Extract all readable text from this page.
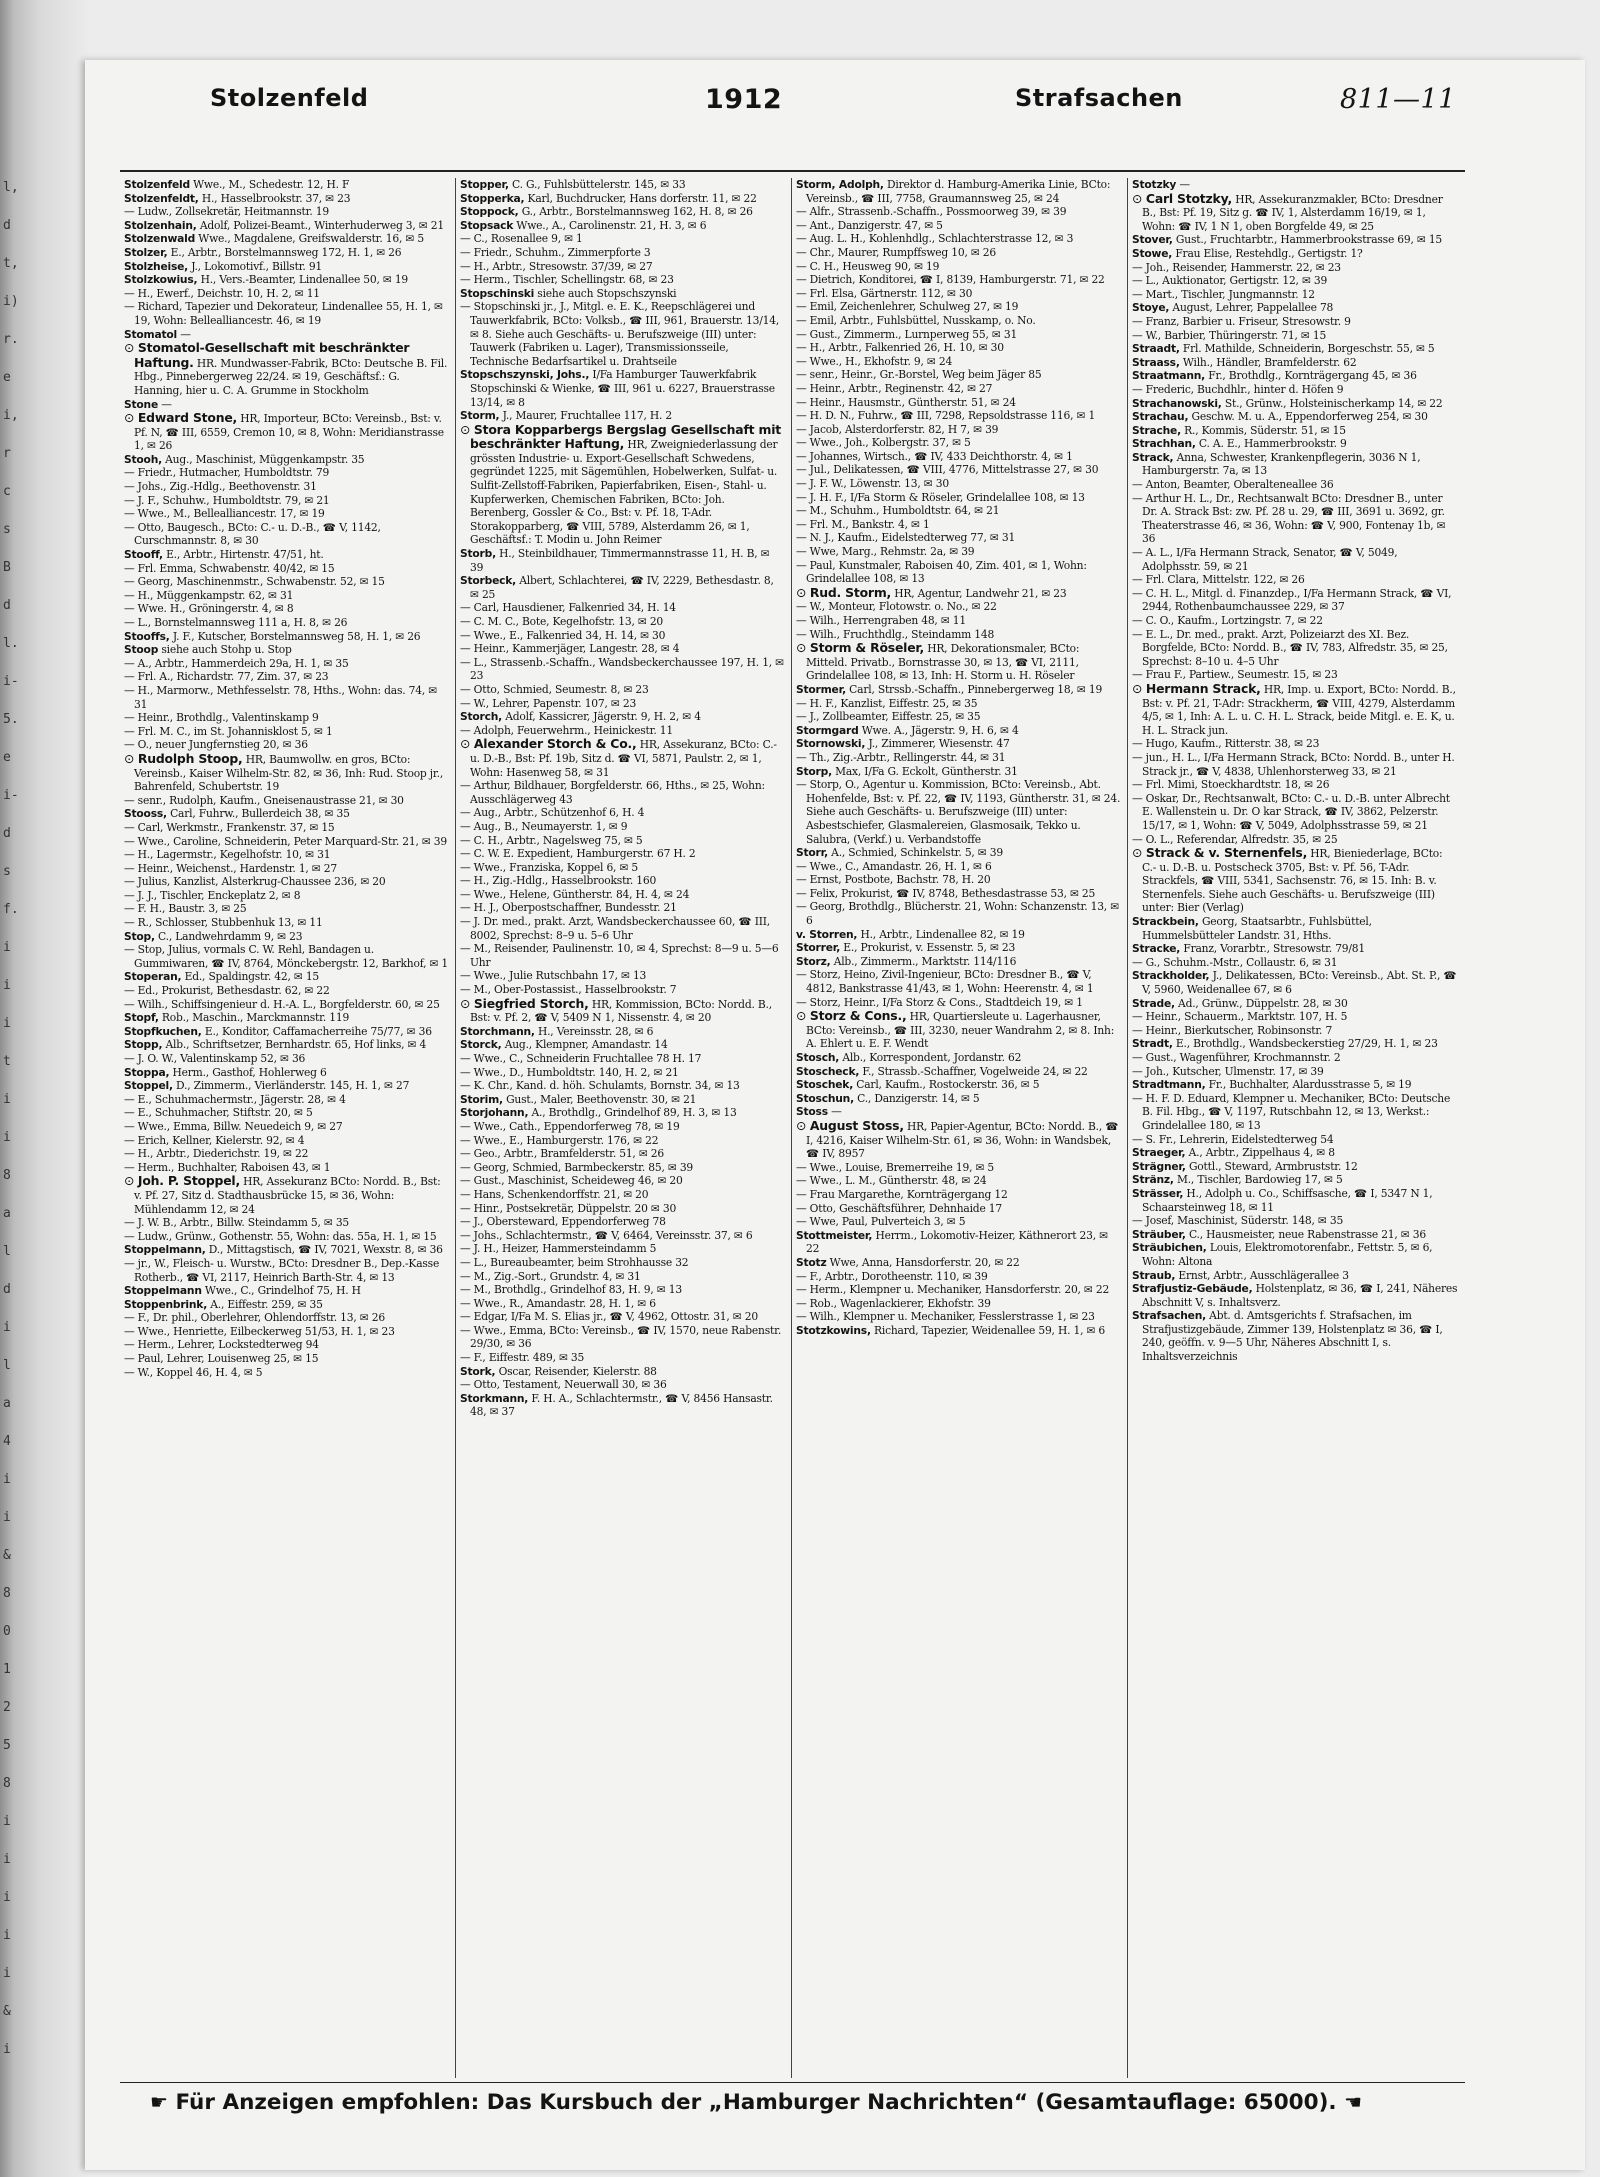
l,
d
t,
i)
r.
e
i,
r
c
s
B
d
l.
i-
5.
e
i-
d
s
f.
i
i
i
t
i
i
8
a
l
d
i
l
a
4
i
i
&
8
0
1
2
5
8
i
i
i
i
i
&
i
Stolzenfeld	1912	Strafsachen	811—11

Stolzenfeld Wwe., M., Schedestr. 12, H. F

Stolzenfeldt, H., Hasselbrookstr. 37, ✉ 23

— Ludw., Zollsekretär, Heitmannstr. 19

Stolzenhain, Adolf, Polizei-Beamt., Winterhuderweg 3, ✉ 21

Stolzenwald Wwe., Magdalene, Greifswalderstr. 16, ✉ 5

Stolzer, E., Arbtr., Borstelmannsweg 172, H. 1, ✉ 26

Stolzheise, J., Lokomotivf., Billstr. 91

Stolzkowius, H., Vers.-Beamter, Lindenallee 50, ✉ 19

— H., Ewerf., Deichstr. 10, H. 2, ✉ 11

— Richard, Tapezier und Dekorateur, Lindenallee 55, H. 1, ✉ 19, Wohn: Bellealliancestr. 46, ✉ 19

Stomatol —

⊙ Stomatol-Gesellschaft mit beschränkter Haftung. HR. Mundwasser-Fabrik, BCto: Deutsche B. Fil. Hbg., Pinnebergerweg 22/24. ✉ 19, Geschäftsf.: G. Hanning, hier u. C. A. Grumme in Stockholm

Stone —

⊙ Edward Stone, HR, Importeur, BCto: Vereinsb., Bst: v. Pf. N, ☎ III, 6559, Cremon 10, ✉ 8, Wohn: Meridianstrasse 1, ✉ 26

Stooh, Aug., Maschinist, Müggenkampstr. 35

— Friedr., Hutmacher, Humboldtstr. 79

— Johs., Zig.-Hdlg., Beethovenstr. 31

— J. F., Schuhw., Humboldtstr. 79, ✉ 21

— Wwe., M., Bellealliancestr. 17, ✉ 19

— Otto, Baugesch., BCto: C.- u. D.-B., ☎ V, 1142, Curschmannstr. 8, ✉ 30

Stooff, E., Arbtr., Hirtenstr. 47/51, ht.

— Frl. Emma, Schwabenstr. 40/42, ✉ 15

— Georg, Maschinenmstr., Schwabenstr. 52, ✉ 15

— H., Müggenkampstr. 62, ✉ 31

— Wwe. H., Gröningerstr. 4, ✉ 8

— L., Bornstelmannsweg 111 a, H. 8, ✉ 26

Stooffs, J. F., Kutscher, Borstelmannsweg 58, H. 1, ✉ 26

Stoop siehe auch Stohp u. Stop

— A., Arbtr., Hammerdeich 29a, H. 1, ✉ 35

— Frl. A., Richardstr. 77, Zim. 37, ✉ 23

— H., Marmorw., Methfesselstr. 78, Hths., Wohn: das. 74, ✉ 31

— Heinr., Brothdlg., Valentinskamp 9

— Frl. M. C., im St. Johannisklost 5, ✉ 1

— O., neuer Jungfernstieg 20, ✉ 36

⊙ Rudolph Stoop, HR, Baumwollw. en gros, BCto: Vereinsb., Kaiser Wilhelm-Str. 82, ✉ 36, Inh: Rud. Stoop jr., Bahrenfeld, Schubertstr. 19

— senr., Rudolph, Kaufm., Gneisenaustrasse 21, ✉ 30

Stooss, Carl, Fuhrw., Bullerdeich 38, ✉ 35

— Carl, Werkmstr., Frankenstr. 37, ✉ 15

— Wwe., Caroline, Schneiderin, Peter Marquard-Str. 21, ✉ 39

— H., Lagermstr., Kegelhofstr. 10, ✉ 31

— Heinr., Weichenst., Hardenstr. 1, ✉ 27

— Julius, Kanzlist, Alsterkrug-Chaussee 236, ✉ 20

— J. J., Tischler, Enckeplatz 2, ✉ 8

— F. H., Baustr. 3, ✉ 25

— R., Schlosser, Stubbenhuk 13, ✉ 11

Stop, C., Landwehrdamm 9, ✉ 23

— Stop, Julius, vormals C. W. Rehl, Bandagen u. Gummiwaren, ☎ IV, 8764, Mönckebergstr. 12, Barkhof, ✉ 1

Stoperan, Ed., Spaldingstr. 42, ✉ 15

— Ed., Prokurist, Bethesdastr. 62, ✉ 22

— Wilh., Schiffsingenieur d. H.-A. L., Borgfelderstr. 60, ✉ 25

Stopf, Rob., Maschin., Marckmannstr. 119

Stopfkuchen, E., Konditor, Caffamacherreihe 75/77, ✉ 36

Stopp, Alb., Schriftsetzer, Bernhardstr. 65, Hof links, ✉ 4

— J. O. W., Valentinskamp 52, ✉ 36

Stoppa, Herm., Gasthof, Hohlerweg 6

Stoppel, D., Zimmerm., Vierländerstr. 145, H. 1, ✉ 27

— E., Schuhmachermstr., Jägerstr. 28, ✉ 4

— E., Schuhmacher, Stiftstr. 20, ✉ 5

— Wwe., Emma, Billw. Neuedeich 9, ✉ 27

— Erich, Kellner, Kielerstr. 92, ✉ 4

— H., Arbtr., Diederichstr. 19, ✉ 22

— Herm., Buchhalter, Raboisen 43, ✉ 1

⊙ Joh. P. Stoppel, HR, Assekuranz BCto: Nordd. B., Bst: v. Pf. 27, Sitz d. Stadthausbrücke 15, ✉ 36, Wohn: Mühlendamm 12, ✉ 24

— J. W. B., Arbtr., Billw. Steindamm 5, ✉ 35

— Ludw., Grünw., Gothenstr. 55, Wohn: das. 55a, H. 1, ✉ 15

Stoppelmann, D., Mittagstisch, ☎ IV, 7021, Wexstr. 8, ✉ 36

— jr., W., Fleisch- u. Wurstw., BCto: Dresdner B., Dep.-Kasse Rotherb., ☎ VI, 2117, Heinrich Barth-Str. 4, ✉ 13

Stoppelmann Wwe., C., Grindelhof 75, H. H

Stoppenbrink, A., Eiffestr. 259, ✉ 35

— F., Dr. phil., Oberlehrer, Ohlendorffstr. 13, ✉ 26

— Wwe., Henriette, Eilbeckerweg 51/53, H. 1, ✉ 23

— Herm., Lehrer, Lockstedterweg 94

— Paul, Lehrer, Louisenweg 25, ✉ 15

— W., Koppel 46, H. 4, ✉ 5

Stopper, C. G., Fuhlsbüttelerstr. 145, ✉ 33

Stopperka, Karl, Buchdrucker, Hans dorferstr. 11, ✉ 22

Stoppock, G., Arbtr., Borstelmannsweg 162, H. 8, ✉ 26

Stopsack Wwe., A., Carolinenstr. 21, H. 3, ✉ 6

— C., Rosenallee 9, ✉ 1

— Friedr., Schuhm., Zimmerpforte 3

— H., Arbtr., Stresowstr. 37/39, ✉ 27

— Herm., Tischler, Schellingstr. 68, ✉ 23

Stopschinski siehe auch Stopschszynski

— Stopschinski jr., J., Mitgl. e. E. K., Reepschlägerei und Tauwerkfabrik, BCto: Volksb., ☎ III, 961, Brauerstr. 13/14, ✉ 8. Siehe auch Geschäfts- u. Berufszweige (III) unter: Tauwerk (Fabriken u. Lager), Transmissionsseile, Technische Bedarfsartikel u. Drahtseile

Stopschszynski, Johs., I/Fa Hamburger Tauwerkfabrik Stopschinski & Wienke, ☎ III, 961 u. 6227, Brauerstrasse 13/14, ✉ 8

Storm, J., Maurer, Fruchtallee 117, H. 2

⊙ Stora Kopparbergs Bergslag Gesellschaft mit beschränkter Haftung, HR, Zweigniederlassung der grössten Industrie- u. Export-Gesellschaft Schwedens, gegründet 1225, mit Sägemühlen, Hobelwerken, Sulfat- u. Sulfit-Zellstoff-Fabriken, Papierfabriken, Eisen-, Stahl- u. Kupferwerken, Chemischen Fabriken, BCto: Joh. Berenberg, Gossler & Co., Bst: v. Pf. 18, T-Adr. Storakopparberg, ☎ VIII, 5789, Alsterdamm 26, ✉ 1, Geschäftsf.: T. Modin u. John Reimer

Storb, H., Steinbildhauer, Timmermannstrasse 11, H. B, ✉ 39

Storbeck, Albert, Schlachterei, ☎ IV, 2229, Bethesdastr. 8, ✉ 25

— Carl, Hausdiener, Falkenried 34, H. 14

— C. M. C., Bote, Kegelhofstr. 13, ✉ 20

— Wwe., E., Falkenried 34, H. 14, ✉ 30

— Heinr., Kammerjäger, Langestr. 28, ✉ 4

— L., Strassenb.-Schaffn., Wandsbeckerchaussee 197, H. 1, ✉ 23

— Otto, Schmied, Seumestr. 8, ✉ 23

— W., Lehrer, Papenstr. 107, ✉ 23

Storch, Adolf, Kassicrer, Jägerstr. 9, H. 2, ✉ 4

— Adolph, Feuerwehrm., Heinickestr. 11

⊙ Alexander Storch & Co., HR, Assekuranz, BCto: C.- u. D.-B., Bst: Pf. 19b, Sitz d. ☎ VI, 5871, Paulstr. 2, ✉ 1, Wohn: Hasenweg 58, ✉ 31

— Arthur, Bildhauer, Borgfelderstr. 66, Hths., ✉ 25, Wohn: Ausschlägerweg 43

— Aug., Arbtr., Schützenhof 6, H. 4

— Aug., B., Neumayerstr. 1, ✉ 9

— C. H., Arbtr., Nagelsweg 75, ✉ 5

— C. W. E. Expedient, Hamburgerstr. 67 H. 2

— Wwe., Franziska, Koppel 6, ✉ 5

— H., Zig.-Hdlg., Hasselbrookstr. 160

— Wwe., Helene, Güntherstr. 84, H. 4, ✉ 24

— H. J., Oberpostschaffner, Bundesstr. 21

— J. Dr. med., prakt. Arzt, Wandsbeckerchaussee 60, ☎ III, 8002, Sprechst: 8–9 u. 5–6 Uhr

— M., Reisender, Paulinenstr. 10, ✉ 4, Sprechst: 8—9 u. 5—6 Uhr

— Wwe., Julie Rutschbahn 17, ✉ 13

— M., Ober-Postassist., Hasselbrookstr. 7

⊙ Siegfried Storch, HR, Kommission, BCto: Nordd. B., Bst: v. Pf. 2, ☎ V, 5409 N 1, Nissenstr. 4, ✉ 20

Storchmann, H., Vereinsstr. 28, ✉ 6

Storck, Aug., Klempner, Amandastr. 14

— Wwe., C., Schneiderin Fruchtallee 78 H. 17

— Wwe., D., Humboldtstr. 140, H. 2, ✉ 21

— K. Chr., Kand. d. höh. Schulamts, Bornstr. 34, ✉ 13

Storim, Gust., Maler, Beethovenstr. 30, ✉ 21

Storjohann, A., Brothdlg., Grindelhof 89, H. 3, ✉ 13

— Wwe., Cath., Eppendorferweg 78, ✉ 19

— Wwe., E., Hamburgerstr. 176, ✉ 22

— Geo., Arbtr., Bramfelderstr. 51, ✉ 26

— Georg, Schmied, Barmbeckerstr. 85, ✉ 39

— Gust., Maschinist, Scheideweg 46, ✉ 20

— Hans, Schenkendorffstr. 21, ✉ 20

— Hinr., Postsekretär, Düppelstr. 20 ✉ 30

— J., Obersteward, Eppendorferweg 78

— Johs., Schlachtermstr., ☎ V, 6464, Vereinsstr. 37, ✉ 6

— J. H., Heizer, Hammersteindamm 5

— L., Bureaubeamter, beim Strohhausse 32

— M., Zig.-Sort., Grundstr. 4, ✉ 31

— M., Brothdlg., Grindelhof 83, H. 9, ✉ 13

— Wwe., R., Amandastr. 28, H. 1, ✉ 6

— Edgar, I/Fa M. S. Elias jr., ☎ V, 4962, Ottostr. 31, ✉ 20

— Wwe., Emma, BCto: Vereinsb., ☎ IV, 1570, neue Rabenstr. 29/30, ✉ 36

— F., Eiffestr. 489, ✉ 35

Stork, Oscar, Reisender, Kielerstr. 88

— Otto, Testament, Neuerwall 30, ✉ 36

Storkmann, F. H. A., Schlachtermstr., ☎ V, 8456 Hansastr. 48, ✉ 37

Storm, Adolph, Direktor d. Hamburg-Amerika Linie, BCto: Vereinsb., ☎ III, 7758, Graumannsweg 25, ✉ 24

— Alfr., Strassenb.-Schaffn., Possmoorweg 39, ✉ 39

— Ant., Danzigerstr. 47, ✉ 5

— Aug. L. H., Kohlenhdlg., Schlachterstrasse 12, ✉ 3

— Chr., Maurer, Rumpffsweg 10, ✉ 26

— C. H., Heusweg 90, ✉ 19

— Dietrich, Konditorei, ☎ I, 8139, Hamburgerstr. 71, ✉ 22

— Frl. Elsa, Gärtnerstr. 112, ✉ 30

— Emil, Zeichenlehrer, Schulweg 27, ✉ 19

— Emil, Arbtr., Fuhlsbüttel, Nusskamp, o. No.

— Gust., Zimmerm., Lurnperweg 55, ✉ 31

— H., Arbtr., Falkenried 26, H. 10, ✉ 30

— Wwe., H., Ekhofstr. 9, ✉ 24

— senr., Heinr., Gr.-Borstel, Weg beim Jäger 85

— Heinr., Arbtr., Reginenstr. 42, ✉ 27

— Heinr., Hausmstr., Güntherstr. 51, ✉ 24

— H. D. N., Fuhrw., ☎ III, 7298, Repsoldstrasse 116, ✉ 1

— Jacob, Alsterdorferstr. 82, H 7, ✉ 39

— Wwe., Joh., Kolbergstr. 37, ✉ 5

— Johannes, Wirtsch., ☎ IV, 433 Deichthorstr. 4, ✉ 1

— Jul., Delikatessen, ☎ VIII, 4776, Mittelstrasse 27, ✉ 30

— J. F. W., Löwenstr. 13, ✉ 30

— J. H. F., I/Fa Storm & Röseler, Grindelallee 108, ✉ 13

— M., Schuhm., Humboldtstr. 64, ✉ 21

— Frl. M., Bankstr. 4, ✉ 1

— N. J., Kaufm., Eidelstedterweg 77, ✉ 31

— Wwe, Marg., Rehmstr. 2a, ✉ 39

— Paul, Kunstmaler, Raboisen 40, Zim. 401, ✉ 1, Wohn: Grindelallee 108, ✉ 13

⊙ Rud. Storm, HR, Agentur, Landwehr 21, ✉ 23

— W., Monteur, Flotowstr. o. No., ✉ 22

— Wilh., Herrengraben 48, ✉ 11

— Wilh., Fruchthdlg., Steindamm 148

⊙ Storm & Röseler, HR, Dekorationsmaler, BCto: Mitteld. Privatb., Bornstrasse 30, ✉ 13, ☎ VI, 2111, Grindelallee 108, ✉ 13, Inh: H. Storm u. H. Röseler

Stormer, Carl, Strssb.-Schaffn., Pinnebergerweg 18, ✉ 19

— H. F., Kanzlist, Eiffestr. 25, ✉ 35

— J., Zollbeamter, Eiffestr. 25, ✉ 35

Stormgard Wwe. A., Jägerstr. 9, H. 6, ✉ 4

Stornowski, J., Zimmerer, Wiesenstr. 47

— Th., Zig.-Arbtr., Rellingerstr. 44, ✉ 31

Storp, Max, I/Fa G. Eckolt, Güntherstr. 31

— Storp, O., Agentur u. Kommission, BCto: Vereinsb., Abt. Hohenfelde, Bst: v. Pf. 22, ☎ IV, 1193, Güntherstr. 31, ✉ 24. Siehe auch Geschäfts- u. Berufszweige (III) unter: Asbestschiefer, Glasmalereien, Glasmosaik, Tekko u. Salubra, (Verkf.) u. Verbandstoffe

Storr, A., Schmied, Schinkelstr. 5, ✉ 39

— Wwe., C., Amandastr. 26, H. 1, ✉ 6

— Ernst, Postbote, Bachstr. 78, H. 20

— Felix, Prokurist, ☎ IV, 8748, Bethesdastrasse 53, ✉ 25

— Georg, Brothdlg., Blücherstr. 21, Wohn: Schanzenstr. 13, ✉ 6

v. Storren, H., Arbtr., Lindenallee 82, ✉ 19

Storrer, E., Prokurist, v. Essenstr. 5, ✉ 23

Storz, Alb., Zimmerm., Marktstr. 114/116

— Storz, Heino, Zivil-Ingenieur, BCto: Dresdner B., ☎ V, 4812, Bankstrasse 41/43, ✉ 1, Wohn: Heerenstr. 4, ✉ 1

— Storz, Heinr., I/Fa Storz & Cons., Stadtdeich 19, ✉ 1

⊙ Storz & Cons., HR, Quartiersleute u. Lagerhausner, BCto: Vereinsb., ☎ III, 3230, neuer Wandrahm 2, ✉ 8. Inh: A. Ehlert u. E. F. Wendt

Stosch, Alb., Korrespondent, Jordanstr. 62

Stoscheck, F., Strassb.-Schaffner, Vogelweide 24, ✉ 22

Stoschek, Carl, Kaufm., Rostockerstr. 36, ✉ 5

Stoschun, C., Danzigerstr. 14, ✉ 5

Stoss —

⊙ August Stoss, HR, Papier-Agentur, BCto: Nordd. B., ☎ I, 4216, Kaiser Wilhelm-Str. 61, ✉ 36, Wohn: in Wandsbek, ☎ IV, 8957

— Wwe., Louise, Bremerreihe 19, ✉ 5

— Wwe., L. M., Güntherstr. 48, ✉ 24

— Frau Margarethe, Kornträgergang 12

— Otto, Geschäftsführer, Dehnhaide 17

— Wwe, Paul, Pulverteich 3, ✉ 5

Stottmeister, Herrm., Lokomotiv-Heizer, Käthnerort 23, ✉ 22

Stotz Wwe, Anna, Hansdorferstr. 20, ✉ 22

— F., Arbtr., Dorotheenstr. 110, ✉ 39

— Herm., Klempner u. Mechaniker, Hansdorferstr. 20, ✉ 22

— Rob., Wagenlackierer, Ekhofstr. 39

— Wilh., Klempner u. Mechaniker, Fesslerstrasse 1, ✉ 23

Stotzkowins, Richard, Tapezier, Weidenallee 59, H. 1, ✉ 6

Stotzky —

⊙ Carl Stotzky, HR, Assekuranzmakler, BCto: Dresdner B., Bst: Pf. 19, Sitz g. ☎ IV, 1, Alsterdamm 16/19, ✉ 1, Wohn: ☎ IV, 1 N 1, oben Borgfelde 49, ✉ 25

Stover, Gust., Fruchtarbtr., Hammerbrookstrasse 69, ✉ 15

Stowe, Frau Elise, Restehdlg., Gertigstr. 1?

— Joh., Reisender, Hammerstr. 22, ✉ 23

— L., Auktionator, Gertigstr. 12, ✉ 39

— Mart., Tischler, Jungmannstr. 12

Stoye, August, Lehrer, Pappelallee 78

— Franz, Barbier u. Friseur, Stresowstr. 9

— W., Barbier, Thüringerstr. 71, ✉ 15

Straadt, Frl. Mathilde, Schneiderin, Borgeschstr. 55, ✉ 5

Straass, Wilh., Händler, Bramfelderstr. 62

Straatmann, Fr., Brothdlg., Kornträgergang 45, ✉ 36

— Frederic, Buchdhlr., hinter d. Höfen 9

Strachanowski, St., Grünw., Holsteinischerkamp 14, ✉ 22

Strachau, Geschw. M. u. A., Eppendorferweg 254, ✉ 30

Strache, R., Kommis, Süderstr. 51, ✉ 15

Strachhan, C. A. E., Hammerbrookstr. 9

Strack, Anna, Schwester, Krankenpflegerin, 3036 N 1, Hamburgerstr. 7a, ✉ 13

— Anton, Beamter, Oberalteneallee 36

— Arthur H. L., Dr., Rechtsanwalt BCto: Dresdner B., unter Dr. A. Strack Bst: zw. Pf. 28 u. 29, ☎ III, 3691 u. 3692, gr. Theaterstrasse 46, ✉ 36, Wohn: ☎ V, 900, Fontenay 1b, ✉ 36

— A. L., I/Fa Hermann Strack, Senator, ☎ V, 5049, Adolphsstr. 59, ✉ 21

— Frl. Clara, Mittelstr. 122, ✉ 26

— C. H. L., Mitgl. d. Finanzdep., I/Fa Hermann Strack, ☎ VI, 2944, Rothenbaumchaussee 229, ✉ 37

— C. O., Kaufm., Lortzingstr. 7, ✉ 22

— E. L., Dr. med., prakt. Arzt, Polizeiarzt des XI. Bez. Borgfelde, BCto: Nordd. B., ☎ IV, 783, Alfredstr. 35, ✉ 25, Sprechst: 8–10 u. 4–5 Uhr

— Frau F., Partiew., Seumestr. 15, ✉ 23

⊙ Hermann Strack, HR, Imp. u. Export, BCto: Nordd. B., Bst: v. Pf. 21, T-Adr: Strackherm, ☎ VIII, 4279, Alsterdamm 4/5, ✉ 1, Inh: A. L. u. C. H. L. Strack, beide Mitgl. e. E. K, u. H. L. Strack jun.

— Hugo, Kaufm., Ritterstr. 38, ✉ 23

— jun., H. L., I/Fa Hermann Strack, BCto: Nordd. B., unter H. Strack jr., ☎ V, 4838, Uhlenhorsterweg 33, ✉ 21

— Frl. Mimi, Stoeckhardtstr. 18, ✉ 26

— Oskar, Dr., Rechtsanwalt, BCto: C.- u. D.-B. unter Albrecht E. Wallenstein u. Dr. O kar Strack, ☎ IV, 3862, Pelzerstr. 15/17, ✉ 1, Wohn: ☎ V, 5049, Adolphsstrasse 59, ✉ 21

— O. L., Referendar, Alfredstr. 35, ✉ 25

⊙ Strack & v. Sternenfels, HR, Bieniederlage, BCto: C.- u. D.-B. u. Postscheck 3705, Bst: v. Pf. 56, T-Adr. Strackfels, ☎ VIII, 5341, Sachsenstr. 76, ✉ 15. Inh: B. v. Sternenfels. Siehe auch Geschäfts- u. Berufszweige (III) unter: Bier (Verlag)

Strackbein, Georg, Staatsarbtr., Fuhlsbüttel, Hummelsbütteler Landstr. 31, Hths.

Stracke, Franz, Vorarbtr., Stresowstr. 79/81

— G., Schuhm.-Mstr., Collaustr. 6, ✉ 31

Strackholder, J., Delikatessen, BCto: Vereinsb., Abt. St. P., ☎ V, 5960, Weidenallee 67, ✉ 6

Strade, Ad., Grünw., Düppelstr. 28, ✉ 30

— Heinr., Schauerm., Marktstr. 107, H. 5

— Heinr., Bierkutscher, Robinsonstr. 7

Stradt, E., Brothdlg., Wandsbeckerstieg 27/29, H. 1, ✉ 23

— Gust., Wagenführer, Krochmannstr. 2

— Joh., Kutscher, Ulmenstr. 17, ✉ 39

Stradtmann, Fr., Buchhalter, Alardusstrasse 5, ✉ 19

— H. F. D. Eduard, Klempner u. Mechaniker, BCto: Deutsche B. Fil. Hbg., ☎ V, 1197, Rutschbahn 12, ✉ 13, Werkst.: Grindelallee 180, ✉ 13

— S. Fr., Lehrerin, Eidelstedterweg 54

Straeger, A., Arbtr., Zippelhaus 4, ✉ 8

Strägner, Gottl., Steward, Armbruststr. 12

Stränz, M., Tischler, Bardowieg 17, ✉ 5

Strässer, H., Adolph u. Co., Schiffsasche, ☎ I, 5347 N 1, Schaarsteinweg 18, ✉ 11

— Josef, Maschinist, Süderstr. 148, ✉ 35

Sträuber, C., Hausmeister, neue Rabenstrasse 21, ✉ 36

Sträubichen, Louis, Elektromotorenfabr., Fettstr. 5, ✉ 6, Wohn: Altona

Straub, Ernst, Arbtr., Ausschlägerallee 3

Strafjustiz-Gebäude, Holstenplatz, ✉ 36, ☎ I, 241, Näheres Abschnitt V, s. Inhaltsverz.

Strafsachen, Abt. d. Amtsgerichts f. Strafsachen, im Strafjustizgebäude, Zimmer 139, Holstenplatz ✉ 36, ☎ I, 240, geöffn. v. 9—5 Uhr, Näheres Abschnitt I, s. Inhaltsverzeichnis

☛ Für Anzeigen empfohlen: Das Kursbuch der „Hamburger Nachrichten“ (Gesamtauflage: 65000). ☚
